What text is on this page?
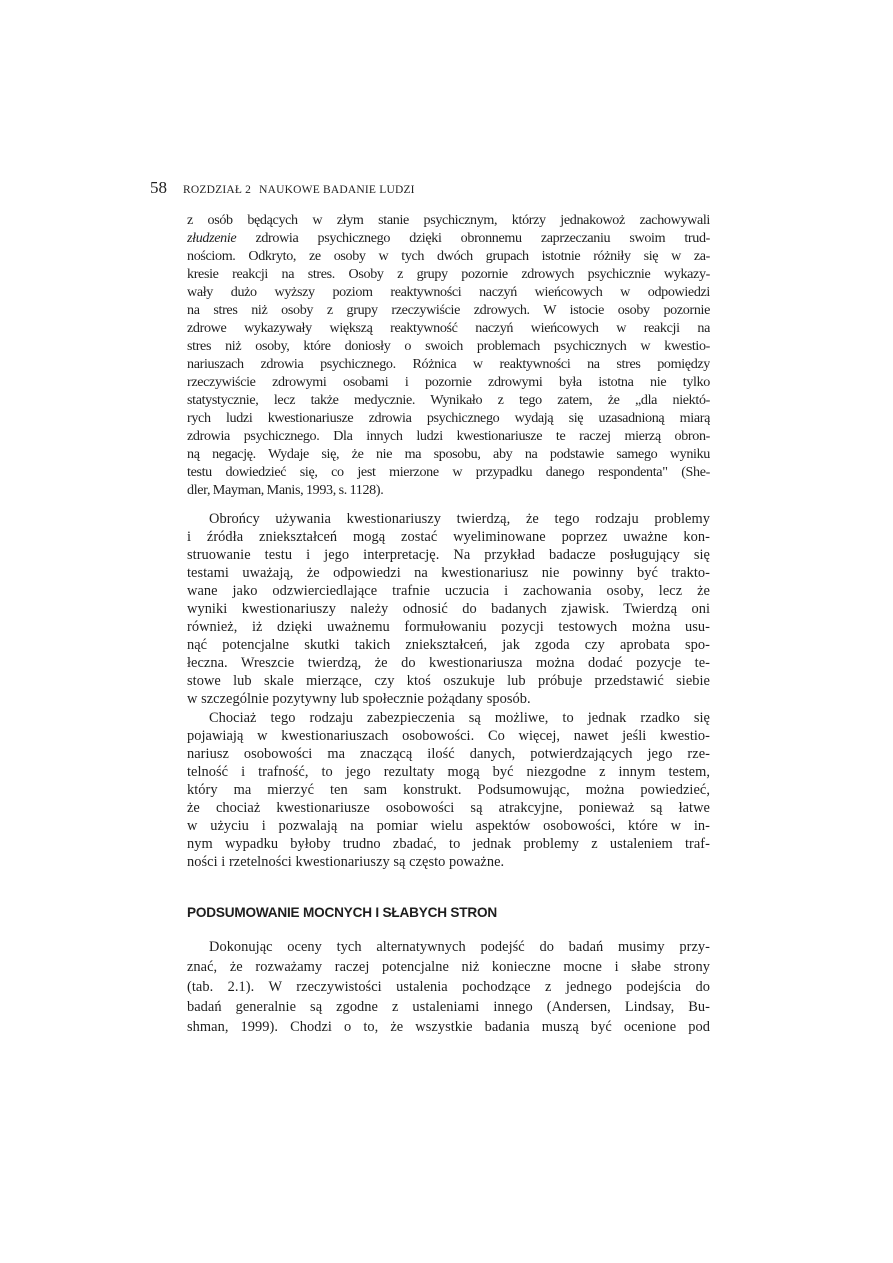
58 ROZDZIAŁ 2 NAUKOWE BADANIE LUDZI
z osób będących w złym stanie psychicznym, którzy jednakowoż zachowywali
złudzenie zdrowia psychicznego dzięki obronnemu zaprzeczaniu swoim trud-
nościom. Odkryto, ze osoby w tych dwóch grupach istotnie różniły się w za-
kresie reakcji na stres. Osoby z grupy pozornie zdrowych psychicznie wykazy-
wały dużo wyższy poziom reaktywności naczyń wieńcowych w odpowiedzi
na stres niż osoby z grupy rzeczywiście zdrowych. W istocie osoby pozornie
zdrowe wykazywały większą reaktywność naczyń wieńcowych w reakcji na
stres niż osoby, które doniosły o swoich problemach psychicznych w kwestio-
nariuszach zdrowia psychicznego. Różnica w reaktywności na stres pomiędzy
rzeczywiście zdrowymi osobami i pozornie zdrowymi była istotna nie tylko
statystycznie, lecz także medycznie. Wynikało z tego zatem, że „dla niektó-
rych ludzi kwestionariusze zdrowia psychicznego wydają się uzasadnioną miarą
zdrowia psychicznego. Dla innych ludzi kwestionariusze te raczej mierzą obron-
ną negację. Wydaje się, że nie ma sposobu, aby na podstawie samego wyniku
testu dowiedzieć się, co jest mierzone w przypadku danego respondenta" (She-
dler, Mayman, Manis, 1993, s. 1128).
Obrońcy używania kwestionariuszy twierdzą, że tego rodzaju problemy
i źródła zniekształceń mogą zostać wyeliminowane poprzez uważne kon-
struowanie testu i jego interpretację. Na przykład badacze posługujący się
testami uważają, że odpowiedzi na kwestionariusz nie powinny być trakto-
wane jako odzwierciedlające trafnie uczucia i zachowania osoby, lecz że
wyniki kwestionariuszy należy odnosić do badanych zjawisk. Twierdzą oni
również, iż dzięki uważnemu formułowaniu pozycji testowych można usu-
nąć potencjalne skutki takich zniekształceń, jak zgoda czy aprobata spo-
łeczna. Wreszcie twierdzą, że do kwestionariusza można dodać pozycje te-
stowe lub skale mierzące, czy ktoś oszukuje lub próbuje przedstawić siebie
w szczególnie pozytywny lub społecznie pożądany sposób.
Chociaż tego rodzaju zabezpieczenia są możliwe, to jednak rzadko się
pojawiają w kwestionariuszach osobowości. Co więcej, nawet jeśli kwestio-
nariusz osobowości ma znaczącą ilość danych, potwierdzających jego rze-
telność i trafność, to jego rezultaty mogą być niezgodne z innym testem,
który ma mierzyć ten sam konstrukt. Podsumowując, można powiedzieć,
że chociaż kwestionariusze osobowości są atrakcyjne, ponieważ są łatwe
w użyciu i pozwalają na pomiar wielu aspektów osobowości, które w in-
nym wypadku byłoby trudno zbadać, to jednak problemy z ustaleniem traf-
ności i rzetelności kwestionariuszy są często poważne.
PODSUMOWANIE MOCNYCH I SŁABYCH STRON
Dokonując oceny tych alternatywnych podejść do badań musimy przy-
znać, że rozważamy raczej potencjalne niż konieczne mocne i słabe strony
(tab. 2.1). W rzeczywistości ustalenia pochodzące z jednego podejścia do
badań generalnie są zgodne z ustaleniami innego (Andersen, Lindsay, Bu-
shman, 1999). Chodzi o to, że wszystkie badania muszą być ocenione pod
